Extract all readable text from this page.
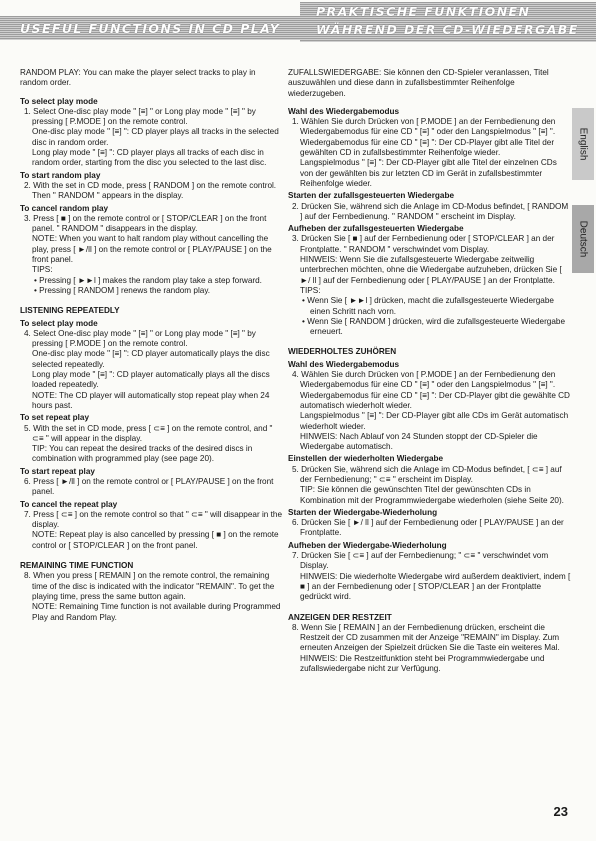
USEFUL FUNCTIONS IN CD PLAY
PRAKTISCHE FUNKTIONEN
WÄHREND DER CD-WIEDERGABE

RANDOM PLAY: You can make the player select tracks to play in random order.

To select play mode

1. Select One-disc play mode " [≡] " or Long play mode " [≡] " by pressing [ P.MODE ] on the remote control.

One-disc play mode " [≡] ": CD player plays all tracks in the selected disc in random order.

Long play mode " [≡] ": CD player plays all tracks of each disc in random order, starting from the disc you selected to the last disc.

To start random play

2. With the set in CD mode, press [ RANDOM ] on the remote control. Then " RANDOM " appears in the display.

To cancel random play

3. Press [ ■ ] on the remote control or [ STOP/CLEAR ] on the front panel. " RANDOM " disappears in the display.

NOTE: When you want to halt random play without cancelling the play, press [ ►/ll ] on the remote control or [ PLAY/PAUSE ] on the front panel.

TIPS:

• Pressing [ ►►l ] makes the random play take a step forward.

• Pressing [ RANDOM ] renews the random play.

LISTENING REPEATEDLY

To select play mode

4. Select One-disc play mode " [≡] " or Long play mode " [≡] " by pressing [ P.MODE ] on the remote control.

One-disc play mode " [≡] ": CD player automatically plays the disc selected repeatedly.

Long play mode " [≡] ": CD player automatically plays all the discs loaded repeatedly.

NOTE: The CD player will automatically stop repeat play when 24 hours past.

To set repeat play

5. With the set in CD mode, press [ ⊂≡ ] on the remote control, and " ⊂≡ " will appear in the display.

TIP: You can repeat the desired tracks of the desired discs in combination with programmed play (see page 20).

To start repeat play

6. Press [ ►/ll ] on the remote control or [ PLAY/PAUSE ] on the front panel.

To cancel the repeat play

7. Press [ ⊂≡ ] on the remote control so that " ⊂≡ " will disappear in the display.

NOTE: Repeat play is also cancelled by pressing [ ■ ] on the remote control or [ STOP/CLEAR ] on the front panel.

REMAINING TIME FUNCTION

8. When you press [ REMAIN ] on the remote control, the remaining time of the disc is indicated with the indicator "REMAIN". To get the playing time, press the same button again.

NOTE: Remaining Time function is not available during Programmed Play and Random Play.

ZUFALLSWIEDERGABE: Sie können den CD-Spieler veranlassen, Titel auszuwählen und diese dann in zufallsbestimmter Reihenfolge wiederzugeben.

Wahl des Wiedergabemodus

1. Wählen Sie durch Drücken von [ P.MODE ] an der Fernbedienung den Wiedergabemodus für eine CD " [≡] " oder den Langspielmodus " [≡] ".

Wiedergabemodus für eine CD " [≡] ": Der CD-Player gibt alle Titel der gewählten CD in zufallsbestimmter Reihenfolge wieder.

Langspielmodus " [≡] ": Der CD-Player gibt alle Titel der einzelnen CDs von der gewählten bis zur letzten CD im Gerät in zufallsbestimmter Reihenfolge wieder.

Starten der zufallsgesteuerten Wiedergabe

2. Drücken Sie, während sich die Anlage im CD-Modus befindet, [ RANDOM ] auf der Fernbedienung. " RANDOM " erscheint im Display.

Aufheben der zufallsgesteuerten Wiedergabe

3. Drücken Sie [ ■ ] auf der Fernbedienung oder [ STOP/CLEAR ] an der Frontplatte. " RANDOM " verschwindet vom Display.

HINWEIS: Wenn Sie die zufallsgesteuerte Wiedergabe zeitweilig unterbrechen möchten, ohne die Wiedergabe aufzuheben, drücken Sie [ ►/ ll ] auf der Fernbedienung oder [ PLAY/PAUSE ] an der Frontplatte.

TIPS:

• Wenn Sie [ ►►l ] drücken, macht die zufallsgesteuerte Wiedergabe einen Schritt nach vorn.

• Wenn Sie [ RANDOM ] drücken, wird die zufallsgesteuerte Wiedergabe erneuert.

WIEDERHOLTES ZUHÖREN

Wahl des Wiedergabemodus

4. Wählen Sie durch Drücken von [ P.MODE ] an der Fernbedienung den Wiedergabemodus für eine CD " [≡] " oder den Langspielmodus " [≡] ".

Wiedergabemodus für eine CD " [≡] ": Der CD-Player gibt die gewählte CD automatisch wiederholt wieder.

Langspielmodus " [≡] ": Der CD-Player gibt alle CDs im Gerät automatisch wiederholt wieder.

HINWEIS: Nach Ablauf von 24 Stunden stoppt der CD-Spieler die Wiedergabe automatisch.

Einstellen der wiederholten Wiedergabe

5. Drücken Sie, während sich die Anlage im CD-Modus befindet, [ ⊂≡ ] auf der Fernbedienung; " ⊂≡ " erscheint im Display.

TIP: Sie können die gewünschten Titel der gewünschten CDs in Kombination mit der Programmwiedergabe wiederholen (siehe Seite 20).

Starten der Wiedergabe-Wiederholung

6. Drücken Sie [ ►/ ll ] auf der Fernbedienung oder [ PLAY/PAUSE ] an der Frontplatte.

Aufheben der Wiedergabe-Wiederholung

7. Drücken Sie [ ⊂≡ ] auf der Fernbedienung; " ⊂≡ " verschwindet vom Display.

HINWEIS: Die wiederholte Wiedergabe wird außerdem deaktiviert, indem [ ■ ] an der Fernbedienung oder [ STOP/CLEAR ] an der Frontplatte gedrückt wird.

ANZEIGEN DER RESTZEIT

8. Wenn Sie [ REMAIN ] an der Fernbedienung drücken, erscheint die Restzeit der CD zusammen mit der Anzeige "REMAIN" im Display. Zum erneuten Anzeigen der Spielzeit drücken Sie die Taste ein weiteres Mal.

HINWEIS: Die Restzeitfunktion steht bei Programmwiedergabe und zufallswiedergabe nicht zur Verfügung.

English
Deutsch
23
